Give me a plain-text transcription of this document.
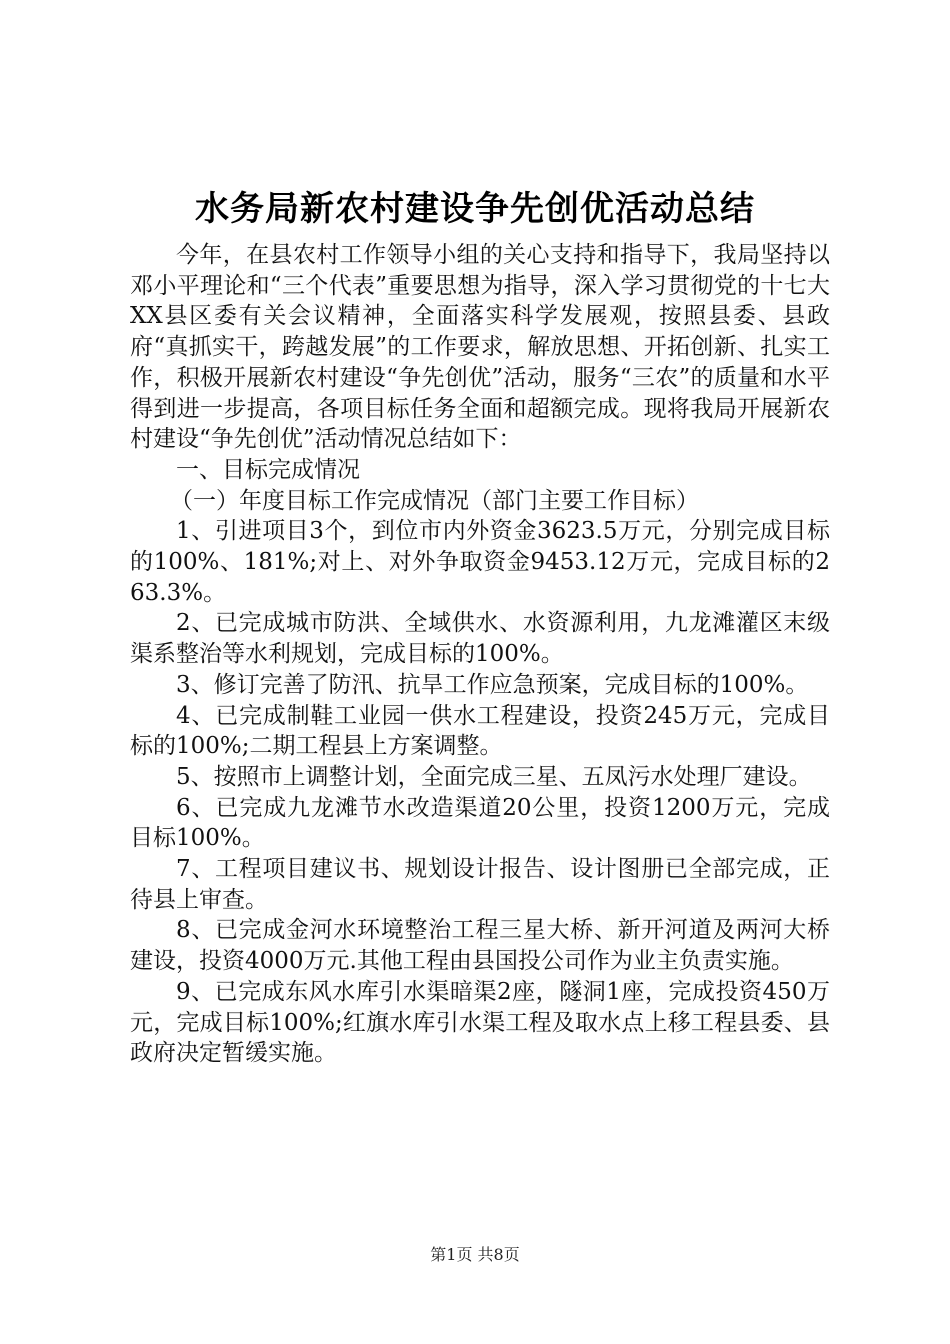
水务局新农村建设争先创优活动总结

今年，在县农村工作领导小组的关心支持和指导下，我局坚持以邓小平理论和“三个代表”重要思想为指导，深入学习贯彻党的十七大XX县区委有关会议精神，全面落实科学发展观，按照县委、县政府“真抓实干，跨越发展”的工作要求，解放思想、开拓创新、扎实工作，积极开展新农村建设“争先创优”活动，服务“三农”的质量和水平得到进一步提高，各项目标任务全面和超额完成。现将我局开展新农村建设“争先创优”活动情况总结如下：

一、目标完成情况

（一）年度目标工作完成情况（部门主要工作目标）

1、引进项目3个，到位市内外资金3623.5万元，分别完成目标的100%、181%;对上、对外争取资金9453.12万元，完成目标的263.3%。

2、已完成城市防洪、全域供水、水资源利用，九龙滩灌区末级渠系整治等水利规划，完成目标的100%。

3、修订完善了防汛、抗旱工作应急预案，完成目标的100%。

4、已完成制鞋工业园一供水工程建设，投资245万元，完成目标的100%;二期工程县上方案调整。

5、按照市上调整计划，全面完成三星、五凤污水处理厂建设。

6、已完成九龙滩节水改造渠道20公里，投资1200万元，完成目标100%。

7、工程项目建议书、规划设计报告、设计图册已全部完成，正待县上审查。

8、已完成金河水环境整治工程三星大桥、新开河道及两河大桥建设，投资4000万元.其他工程由县国投公司作为业主负责实施。

9、已完成东风水库引水渠暗渠2座，隧洞1座，完成投资450万元，完成目标100%;红旗水库引水渠工程及取水点上移工程县委、县政府决定暂缓实施。

第1页 共8页
